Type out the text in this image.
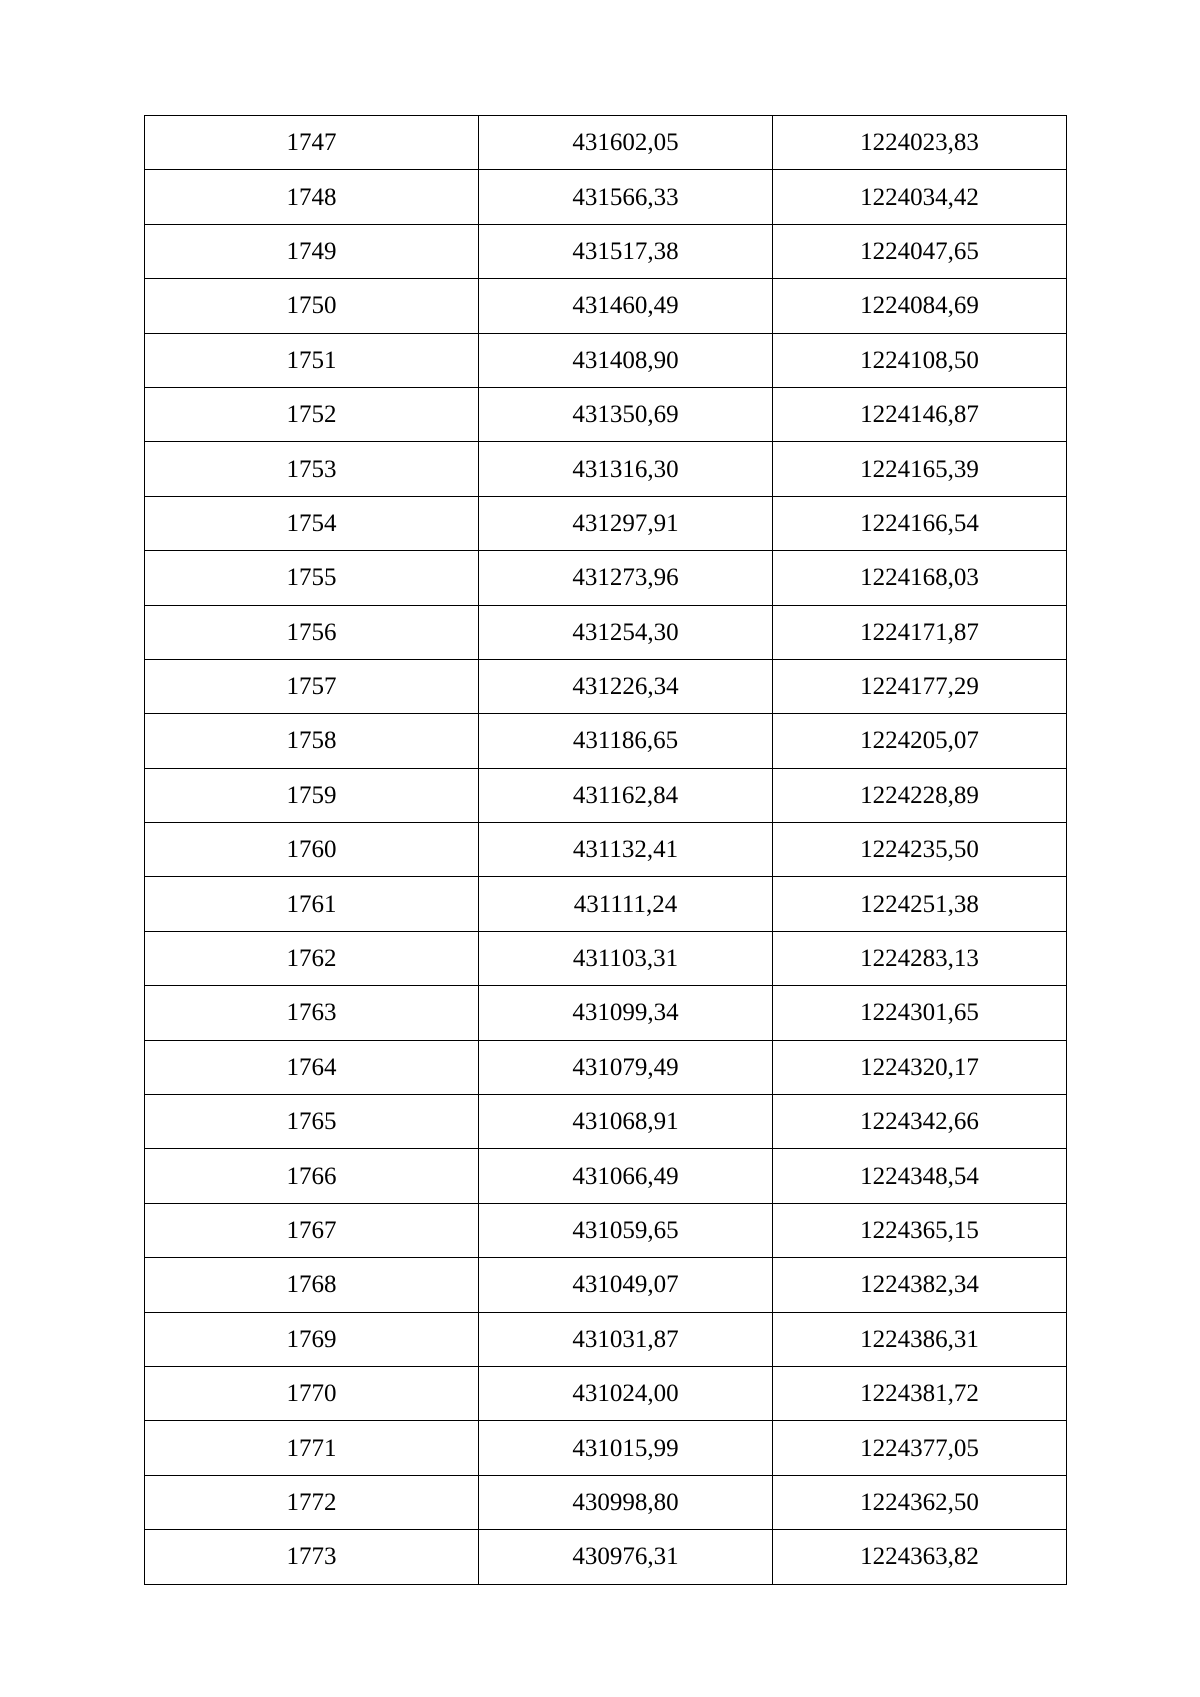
1747	431602,05	1224023,83
1748	431566,33	1224034,42
1749	431517,38	1224047,65
1750	431460,49	1224084,69
1751	431408,90	1224108,50
1752	431350,69	1224146,87
1753	431316,30	1224165,39
1754	431297,91	1224166,54
1755	431273,96	1224168,03
1756	431254,30	1224171,87
1757	431226,34	1224177,29
1758	431186,65	1224205,07
1759	431162,84	1224228,89
1760	431132,41	1224235,50
1761	431111,24	1224251,38
1762	431103,31	1224283,13
1763	431099,34	1224301,65
1764	431079,49	1224320,17
1765	431068,91	1224342,66
1766	431066,49	1224348,54
1767	431059,65	1224365,15
1768	431049,07	1224382,34
1769	431031,87	1224386,31
1770	431024,00	1224381,72
1771	431015,99	1224377,05
1772	430998,80	1224362,50
1773	430976,31	1224363,82
